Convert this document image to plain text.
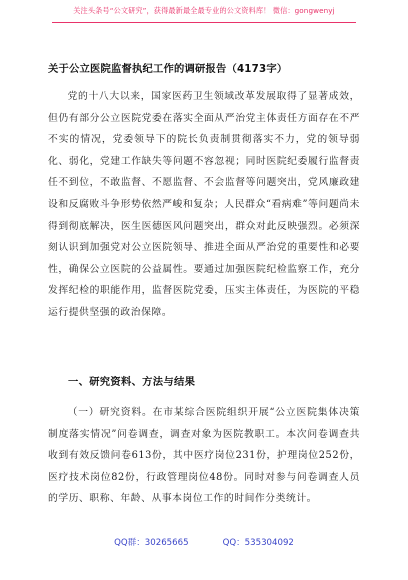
关注头条号“公文研究”，获得最新最全最专业的公文资料库！ 微信：gongwenyj
关于公立医院监督执纪工作的调研报告（4173字）

党的十八大以来，国家医药卫生领域改革发展取得了显著成效，但仍有部分公立医院党委在落实全面从严治党主体责任方面存在不严不实的情况，党委领导下的院长负责制贯彻落实不力，党的领导弱化、弱化，党建工作缺失等问题不容忽视；同时医院纪委履行监督责任不到位，不敢监督、不愿监督、不会监督等问题突出，党风廉政建设和反腐败斗争形势依然严峻和复杂；人民群众“看病难”等问题尚未得到彻底解决，医生医德医风问题突出，群众对此反映强烈。必须深刻认识到加强党对公立医院领导、推进全面从严治党的重要性和必要性，确保公立医院的公益属性。要通过加强医院纪检监察工作，充分发挥纪检的职能作用，监督医院党委，压实主体责任，为医院的平稳运行提供坚强的政治保障。

一、研究资料、方法与结果

（一）研究资料。在市某综合医院组织开展“公立医院集体决策制度落实情况”问卷调查，调查对象为医院教职工。本次问卷调查共收到有效反馈问卷613份，其中医疗岗位231份，护理岗位252份，医疗技术岗位82份，行政管理岗位48份。同时对参与问卷调查人员的学历、职称、年龄、从事本岗位工作的时间作分类统计。

QQ群：30265665	QQ：535304092
